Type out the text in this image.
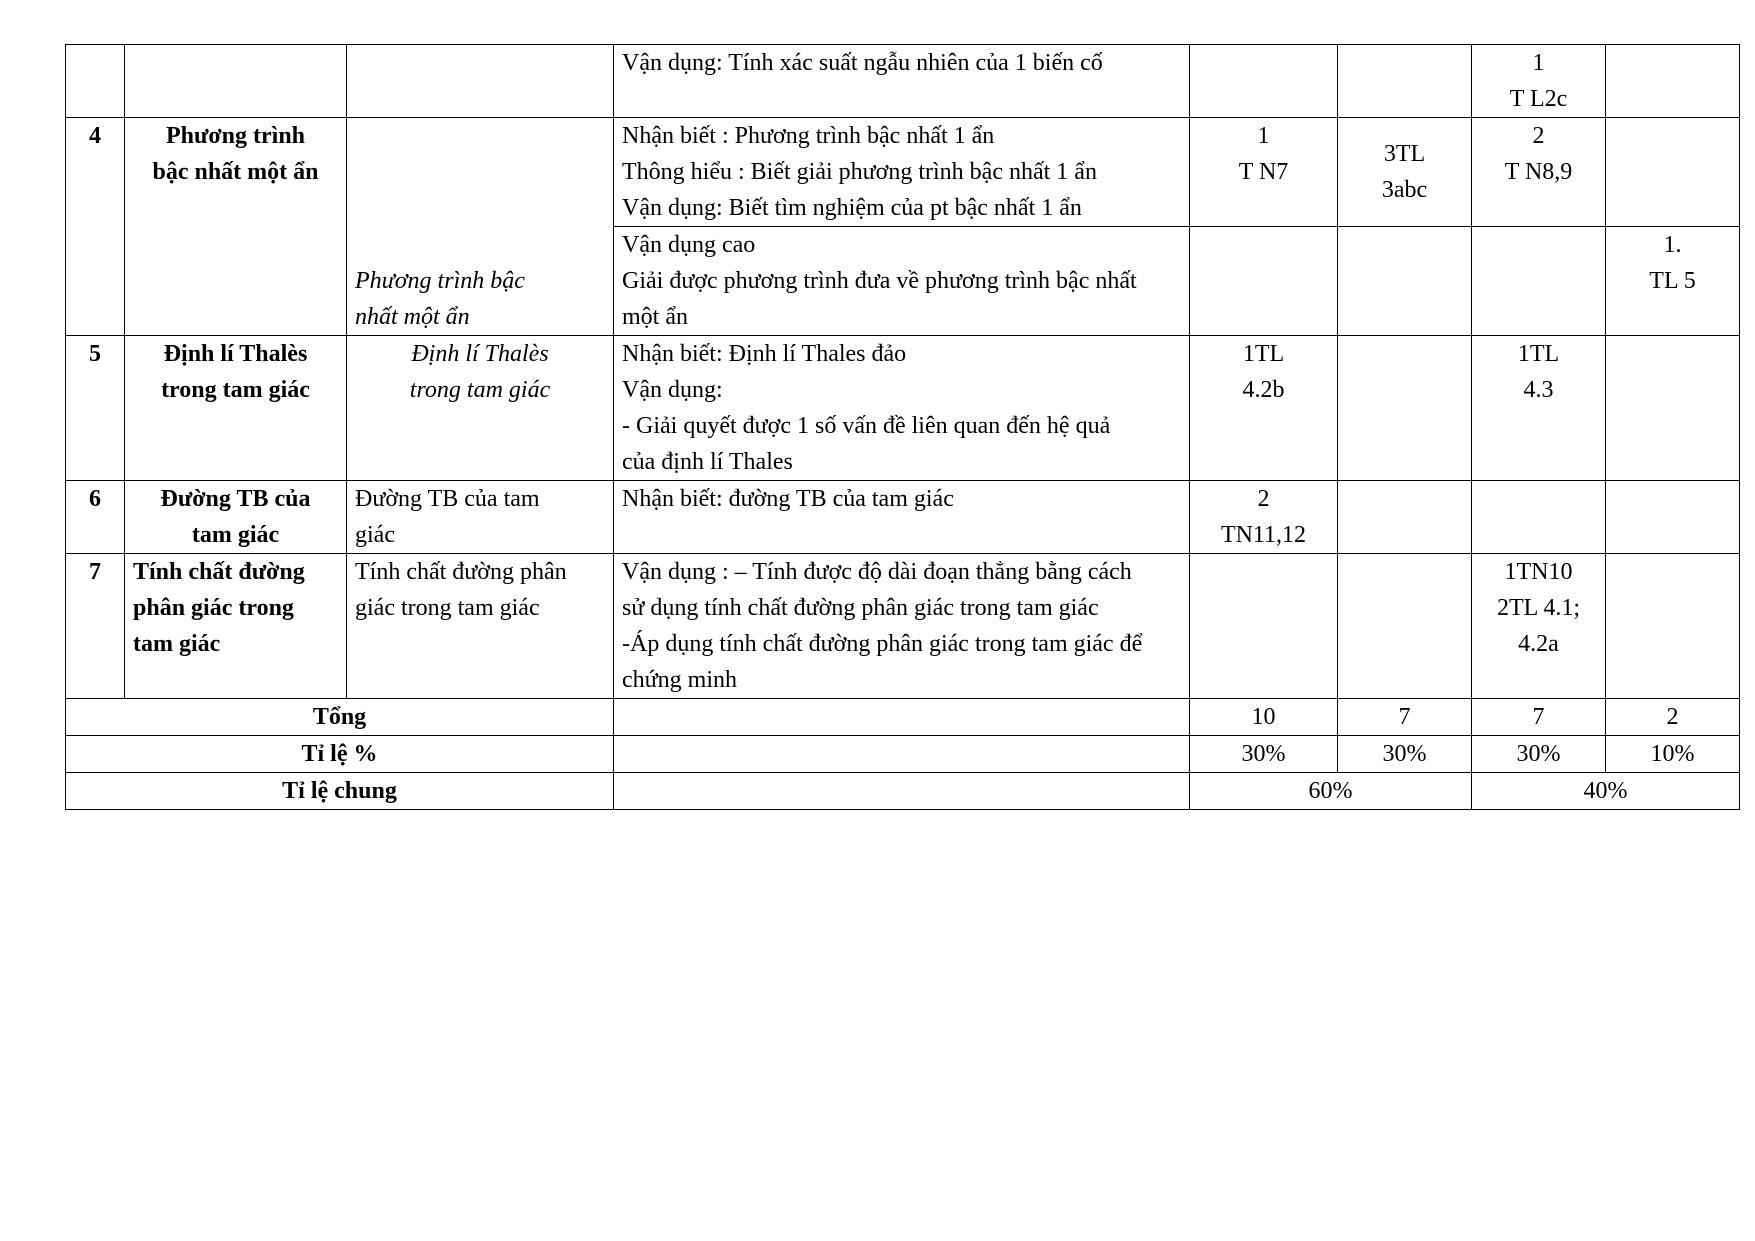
			Vận dụng: Tính xác suất ngẫu nhiên của 1 biến cố			1
T L2c	

4	Phương trình
bậc nhất một ẩn	Phương trình bậc
nhất một ẩn	Nhận biết : Phương trình bậc nhất 1 ẩn
Thông hiểu : Biết giải phương trình bậc nhất 1 ẩn
Vận dụng: Biết tìm nghiệm của pt bậc nhất 1 ẩn	1
T N7	3TL
3abc	2
T N8,9	

			Vận dụng cao
Giải được phương trình đưa về phương trình bậc nhất
một ẩn				1.
TL 5

5	Định lí Thalès
trong tam giác	Định lí Thalès
trong tam giác	Nhận biết: Định lí Thales đảo
Vận dụng:
- Giải quyết được 1 số vấn đề liên quan đến hệ quả
của định lí Thales	1TL
4.2b		1TL
4.3	

6	Đường TB của
tam giác	Đường TB của tam
giác	Nhận biết: đường TB của tam giác	2
TN11,12			

7	Tính chất đường
phân giác trong
tam giác	Tính chất đường phân
giác trong tam giác	Vận dụng : – Tính được độ dài đoạn thẳng bằng cách
sử dụng tính chất đường phân giác trong tam giác
-Áp dụng tính chất đường phân giác trong tam giác để
chứng minh			1TN10
2TL 4.1;
4.2a	

Tổng				10	7	7	2
Tỉ lệ %				30%	30%	30%	10%
Tỉ lệ chung				60%		40%	
